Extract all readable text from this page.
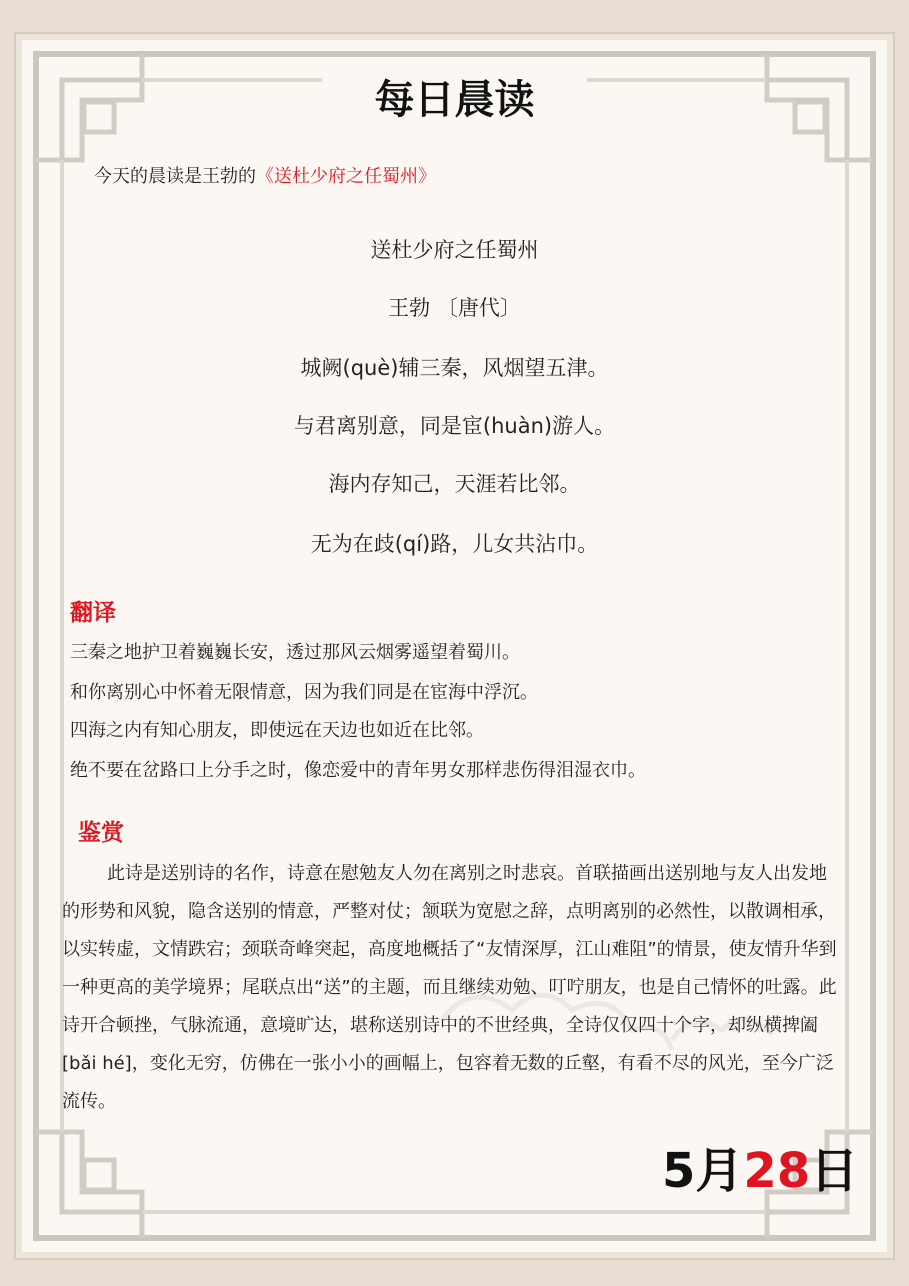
每日晨读
今天的晨读是王勃的《送杜少府之任蜀州》
送杜少府之任蜀州
王勃 〔唐代〕
城阙(què)辅三秦，风烟望五津。
与君离别意，同是宦(huàn)游人。
海内存知己，天涯若比邻。
无为在歧(qí)路，儿女共沾巾。
翻译
三秦之地护卫着巍巍长安，透过那风云烟雾遥望着蜀川。
和你离别心中怀着无限情意，因为我们同是在宦海中浮沉。
四海之内有知心朋友，即使远在天边也如近在比邻。
绝不要在岔路口上分手之时，像恋爱中的青年男女那样悲伤得泪湿衣巾。
鉴赏

此诗是送别诗的名作，诗意在慰勉友人勿在离别之时悲哀。首联描画出送别地与友人出发地的形势和风貌，隐含送别的情意，严整对仗；颔联为宽慰之辞，点明离别的必然性，以散调相承，以实转虚，文情跌宕；颈联奇峰突起，高度地概括了“友情深厚，江山难阻”的情景，使友情升华到一种更高的美学境界；尾联点出“送”的主题，而且继续劝勉、叮咛朋友，也是自己情怀的吐露。此诗开合顿挫，气脉流通，意境旷达，堪称送别诗中的不世经典，全诗仅仅四十个字，却纵横捭阖[bǎi hé]，变化无穷，仿佛在一张小小的画幅上，包容着无数的丘壑，有看不尽的风光，至今广泛流传。

5月28日
